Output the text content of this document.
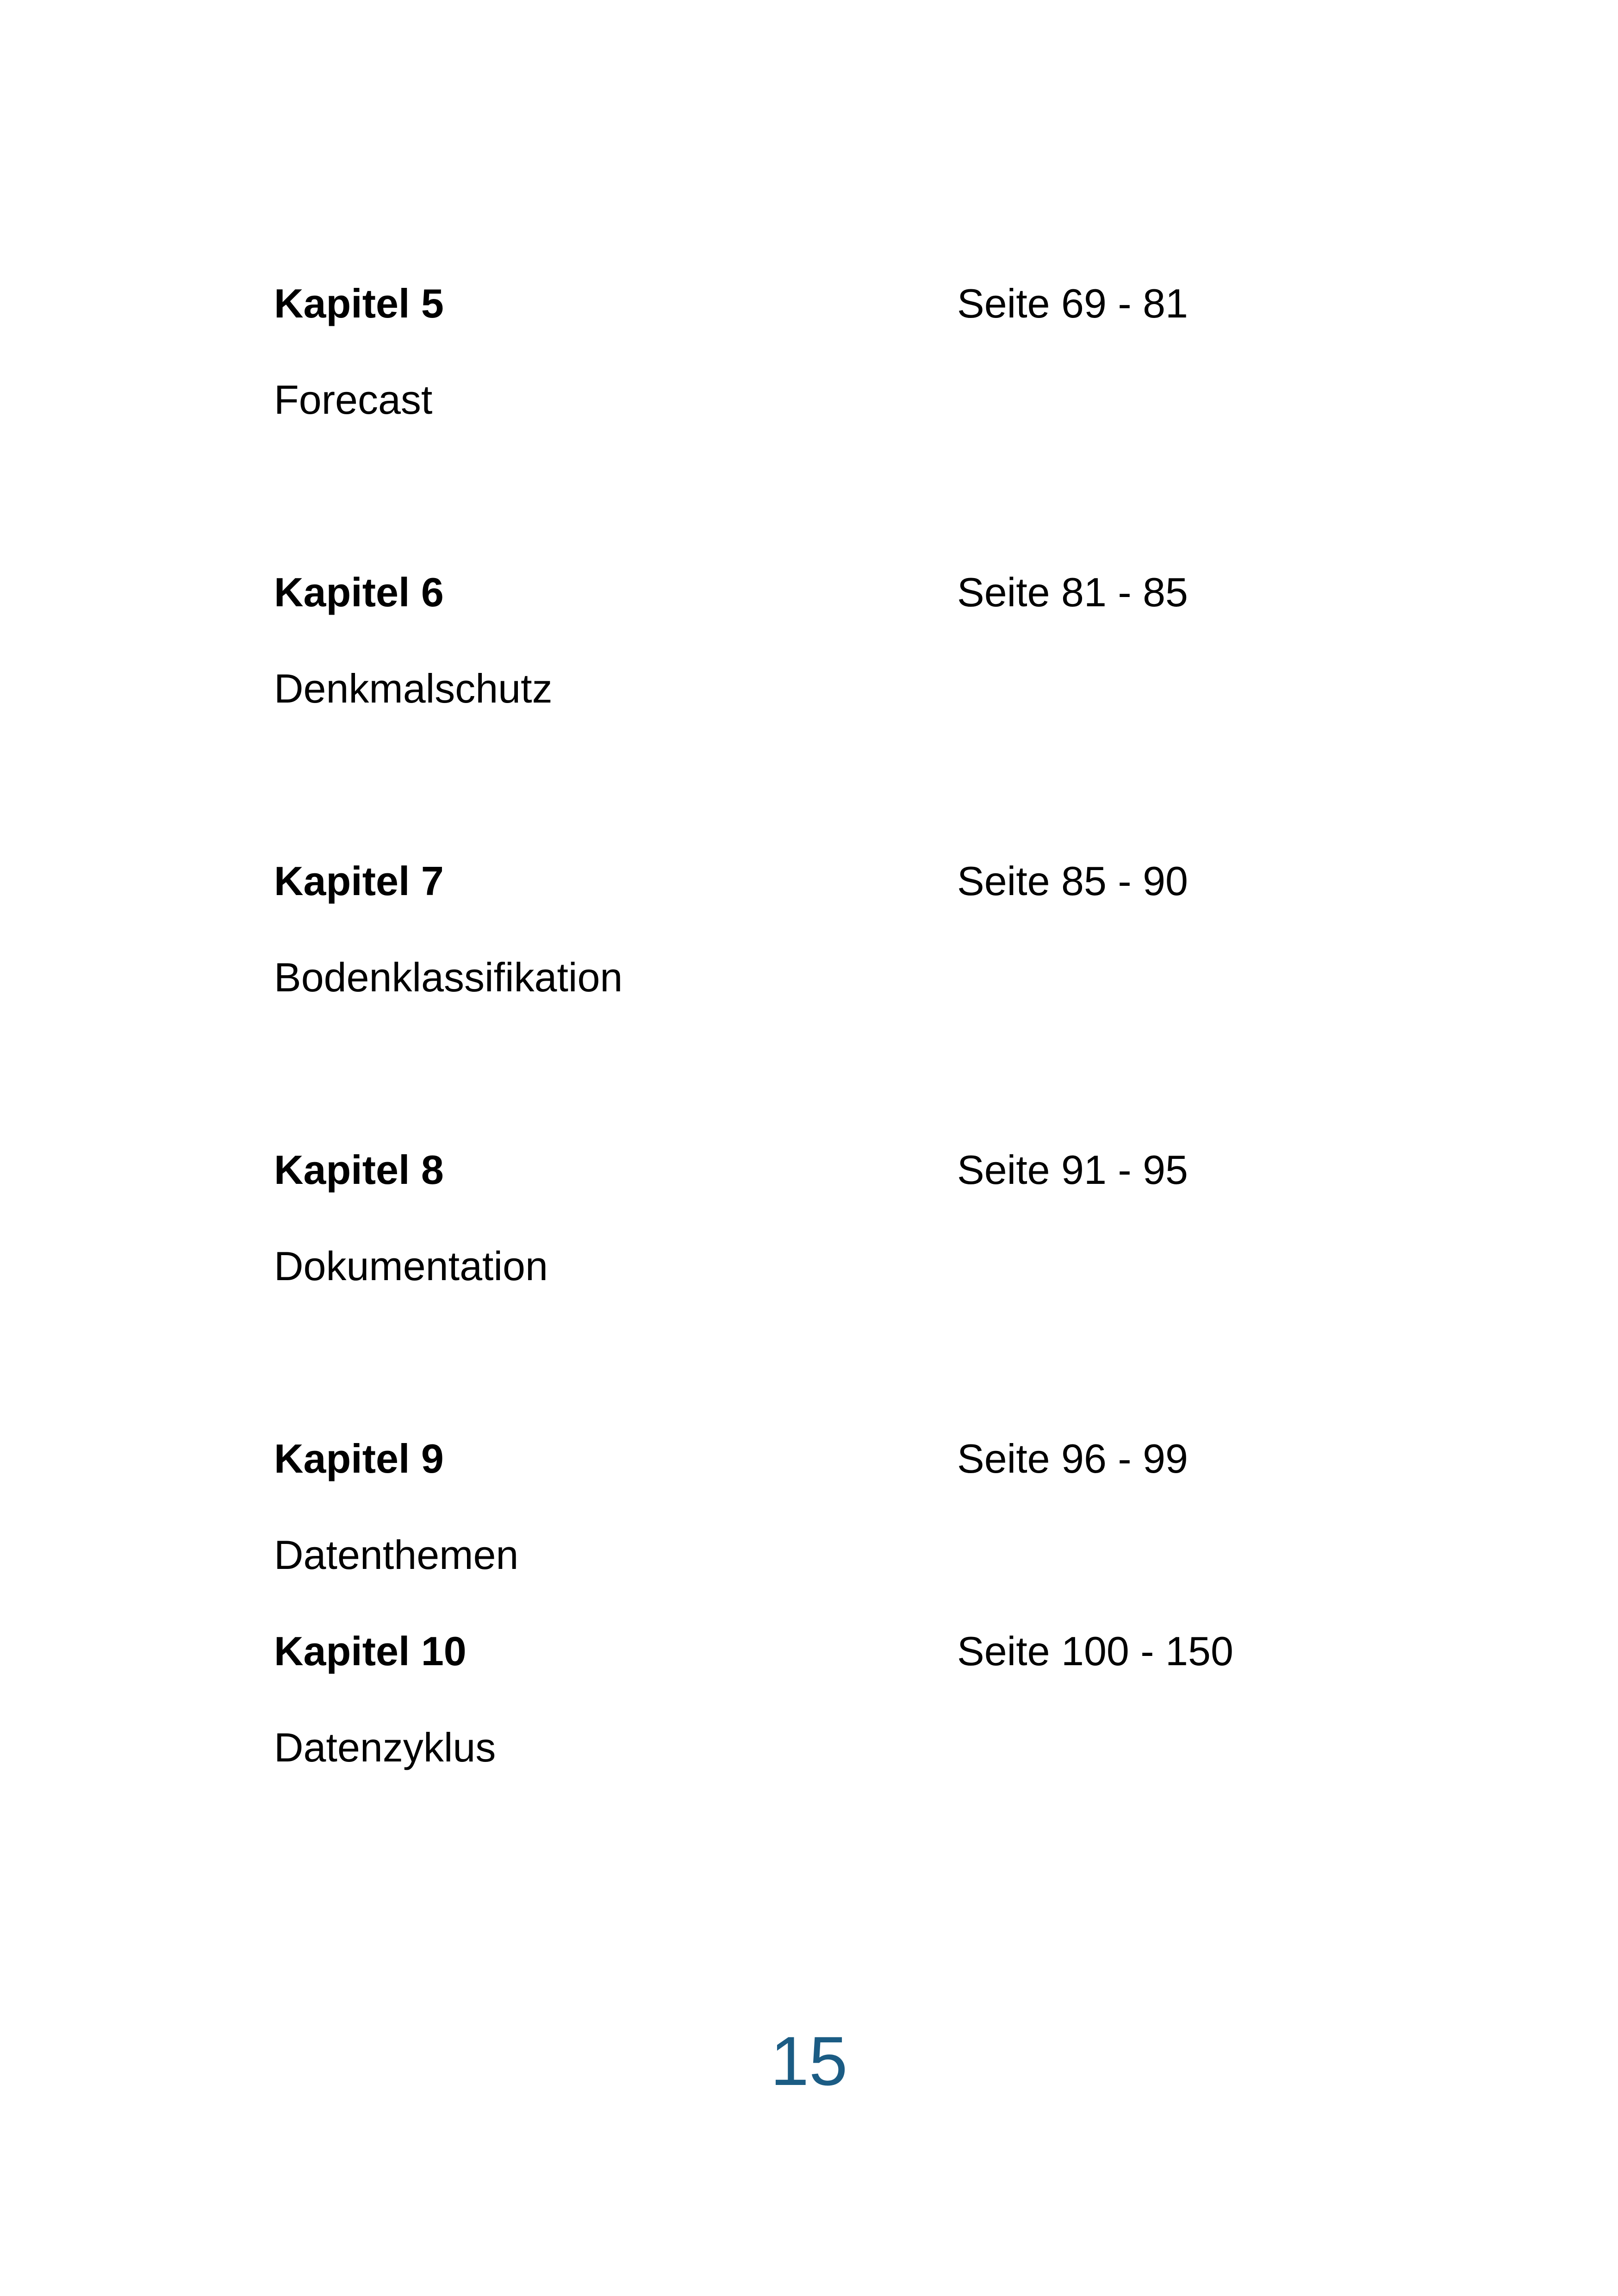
Kapitel 5	Seite 69 - 81
Forecast
Kapitel 6	Seite 81 - 85
Denkmalschutz
Kapitel 7	Seite 85 - 90
Bodenklassifikation
Kapitel 8	Seite 91 - 95
Dokumentation
Kapitel 9	Seite 96 - 99
Datenthemen
Kapitel 10	Seite 100 - 150
Datenzyklus
15
